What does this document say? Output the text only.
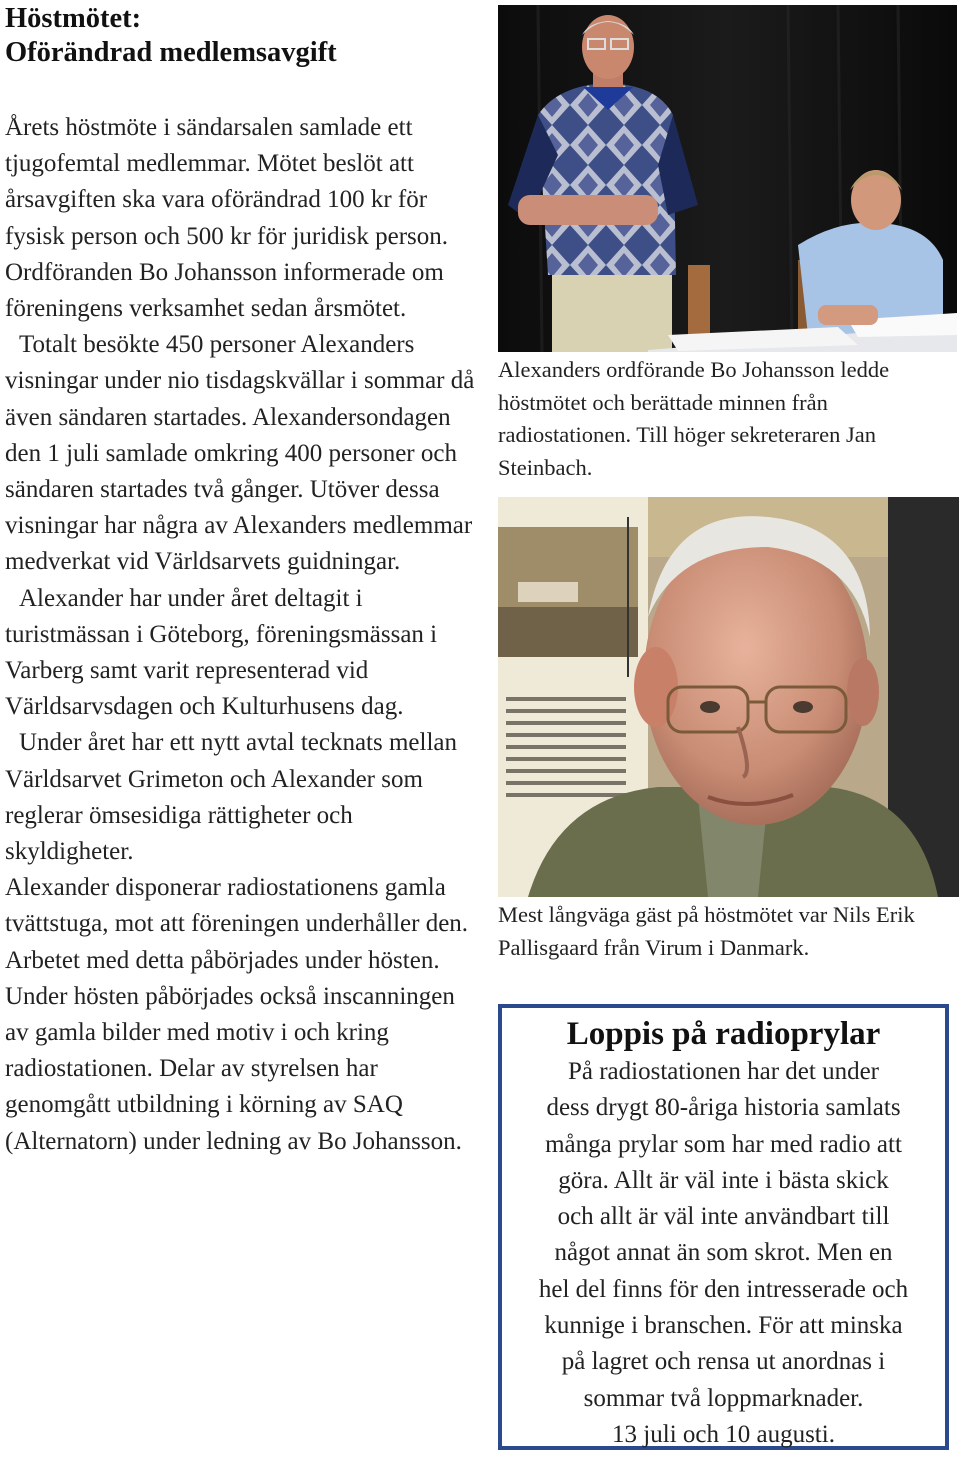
Höstmötet:
Oförändrad medlemsavgift

Årets höstmöte i sändarsalen samlade ett tjugofemtal medlemmar. Mötet beslöt att årsavgiften ska vara oförändrad 100 kr för fysisk person och 500 kr för juridisk person. Ordföranden Bo Johansson informerade om föreningens verksamhet sedan årsmötet.

Totalt besökte 450 personer Alexanders visningar under nio tisdagskvällar i sommar då även sändaren startades. Alexandersondagen den 1 juli samlade omkring 400 personer och sändaren startades två gånger. Utöver dessa visningar har några av Alexanders medlemmar medverkat vid Världsarvets guidningar.

Alexander har under året deltagit i turistmässan i Göteborg, föreningsmässan i Varberg samt varit representerad vid Världsarvsdagen och Kulturhusens dag.

Under året har ett nytt avtal tecknats mellan Världsarvet Grimeton och Alexander som reglerar ömsesidiga rättigheter och skyldigheter.

Alexander disponerar radiostationens gamla tvättstuga, mot att föreningen underhåller den. Arbetet med detta påbörjades under hösten. Under hösten påbörjades också inscanningen av gamla bilder med motiv i och kring radiostationen. Delar av styrelsen har genomgått utbildning i körning av SAQ (Alternatorn) under ledning av Bo Johansson.

Alexanders ordförande Bo Johansson ledde höstmötet och berättade minnen från radiostationen. Till höger sekreteraren Jan Steinbach.
Mest långväga gäst på höstmötet var Nils Erik Pallisgaard från Virum i Danmark.
Loppis på radioprylar
På radiostationen har det under
dess drygt 80-åriga historia samlats
många prylar som har med radio att
göra. Allt är väl inte i bästa skick
och allt är väl inte användbart till
något annat än som skrot. Men en
hel del finns för den intresserade och
kunnige i branschen. För att minska
på lagret och rensa ut anordnas i
sommar två loppmarknader.
13 juli och 10 augusti.
